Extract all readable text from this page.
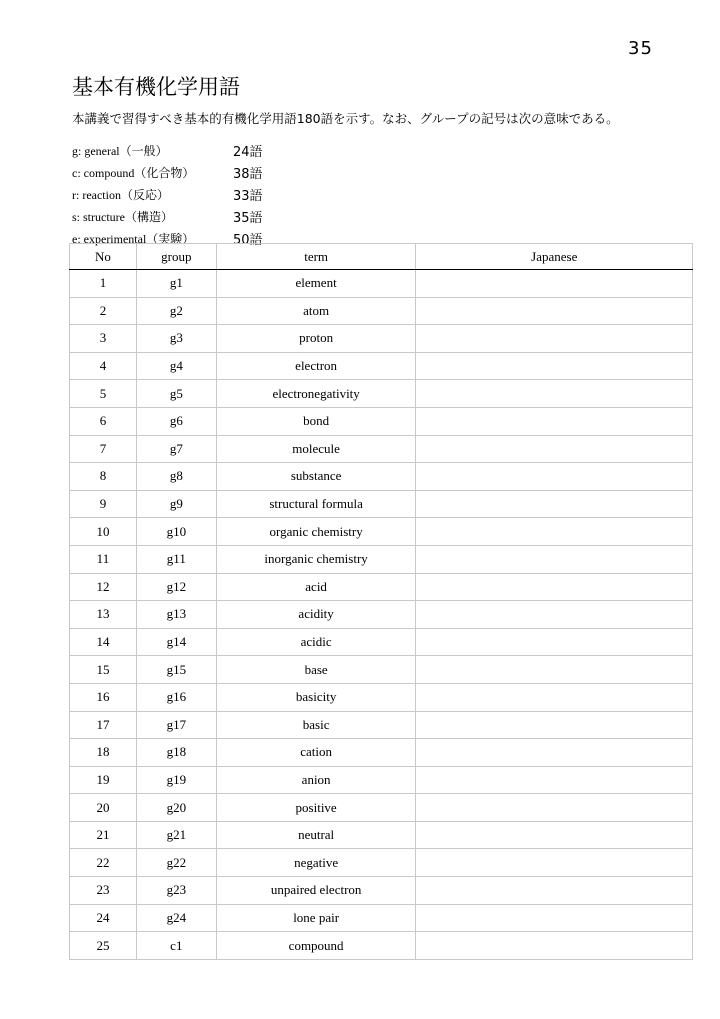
35
基本有機化学用語
本講義で習得すべき基本的有機化学用語180語を示す。なお、グループの記号は次の意味である。
g: general（一般）	24語
c: compound（化合物）	38語
r: reaction（反応）	33語
s: structure（構造）	35語
e: experimental（実験）	50語
No	group	term	Japanese
1	g1	element	
2	g2	atom	
3	g3	proton	
4	g4	electron	
5	g5	electronegativity	
6	g6	bond	
7	g7	molecule	
8	g8	substance	
9	g9	structural formula	
10	g10	organic chemistry	
11	g11	inorganic chemistry	
12	g12	acid	
13	g13	acidity	
14	g14	acidic	
15	g15	base	
16	g16	basicity	
17	g17	basic	
18	g18	cation	
19	g19	anion	
20	g20	positive	
21	g21	neutral	
22	g22	negative	
23	g23	unpaired electron	
24	g24	lone pair	
25	c1	compound	
